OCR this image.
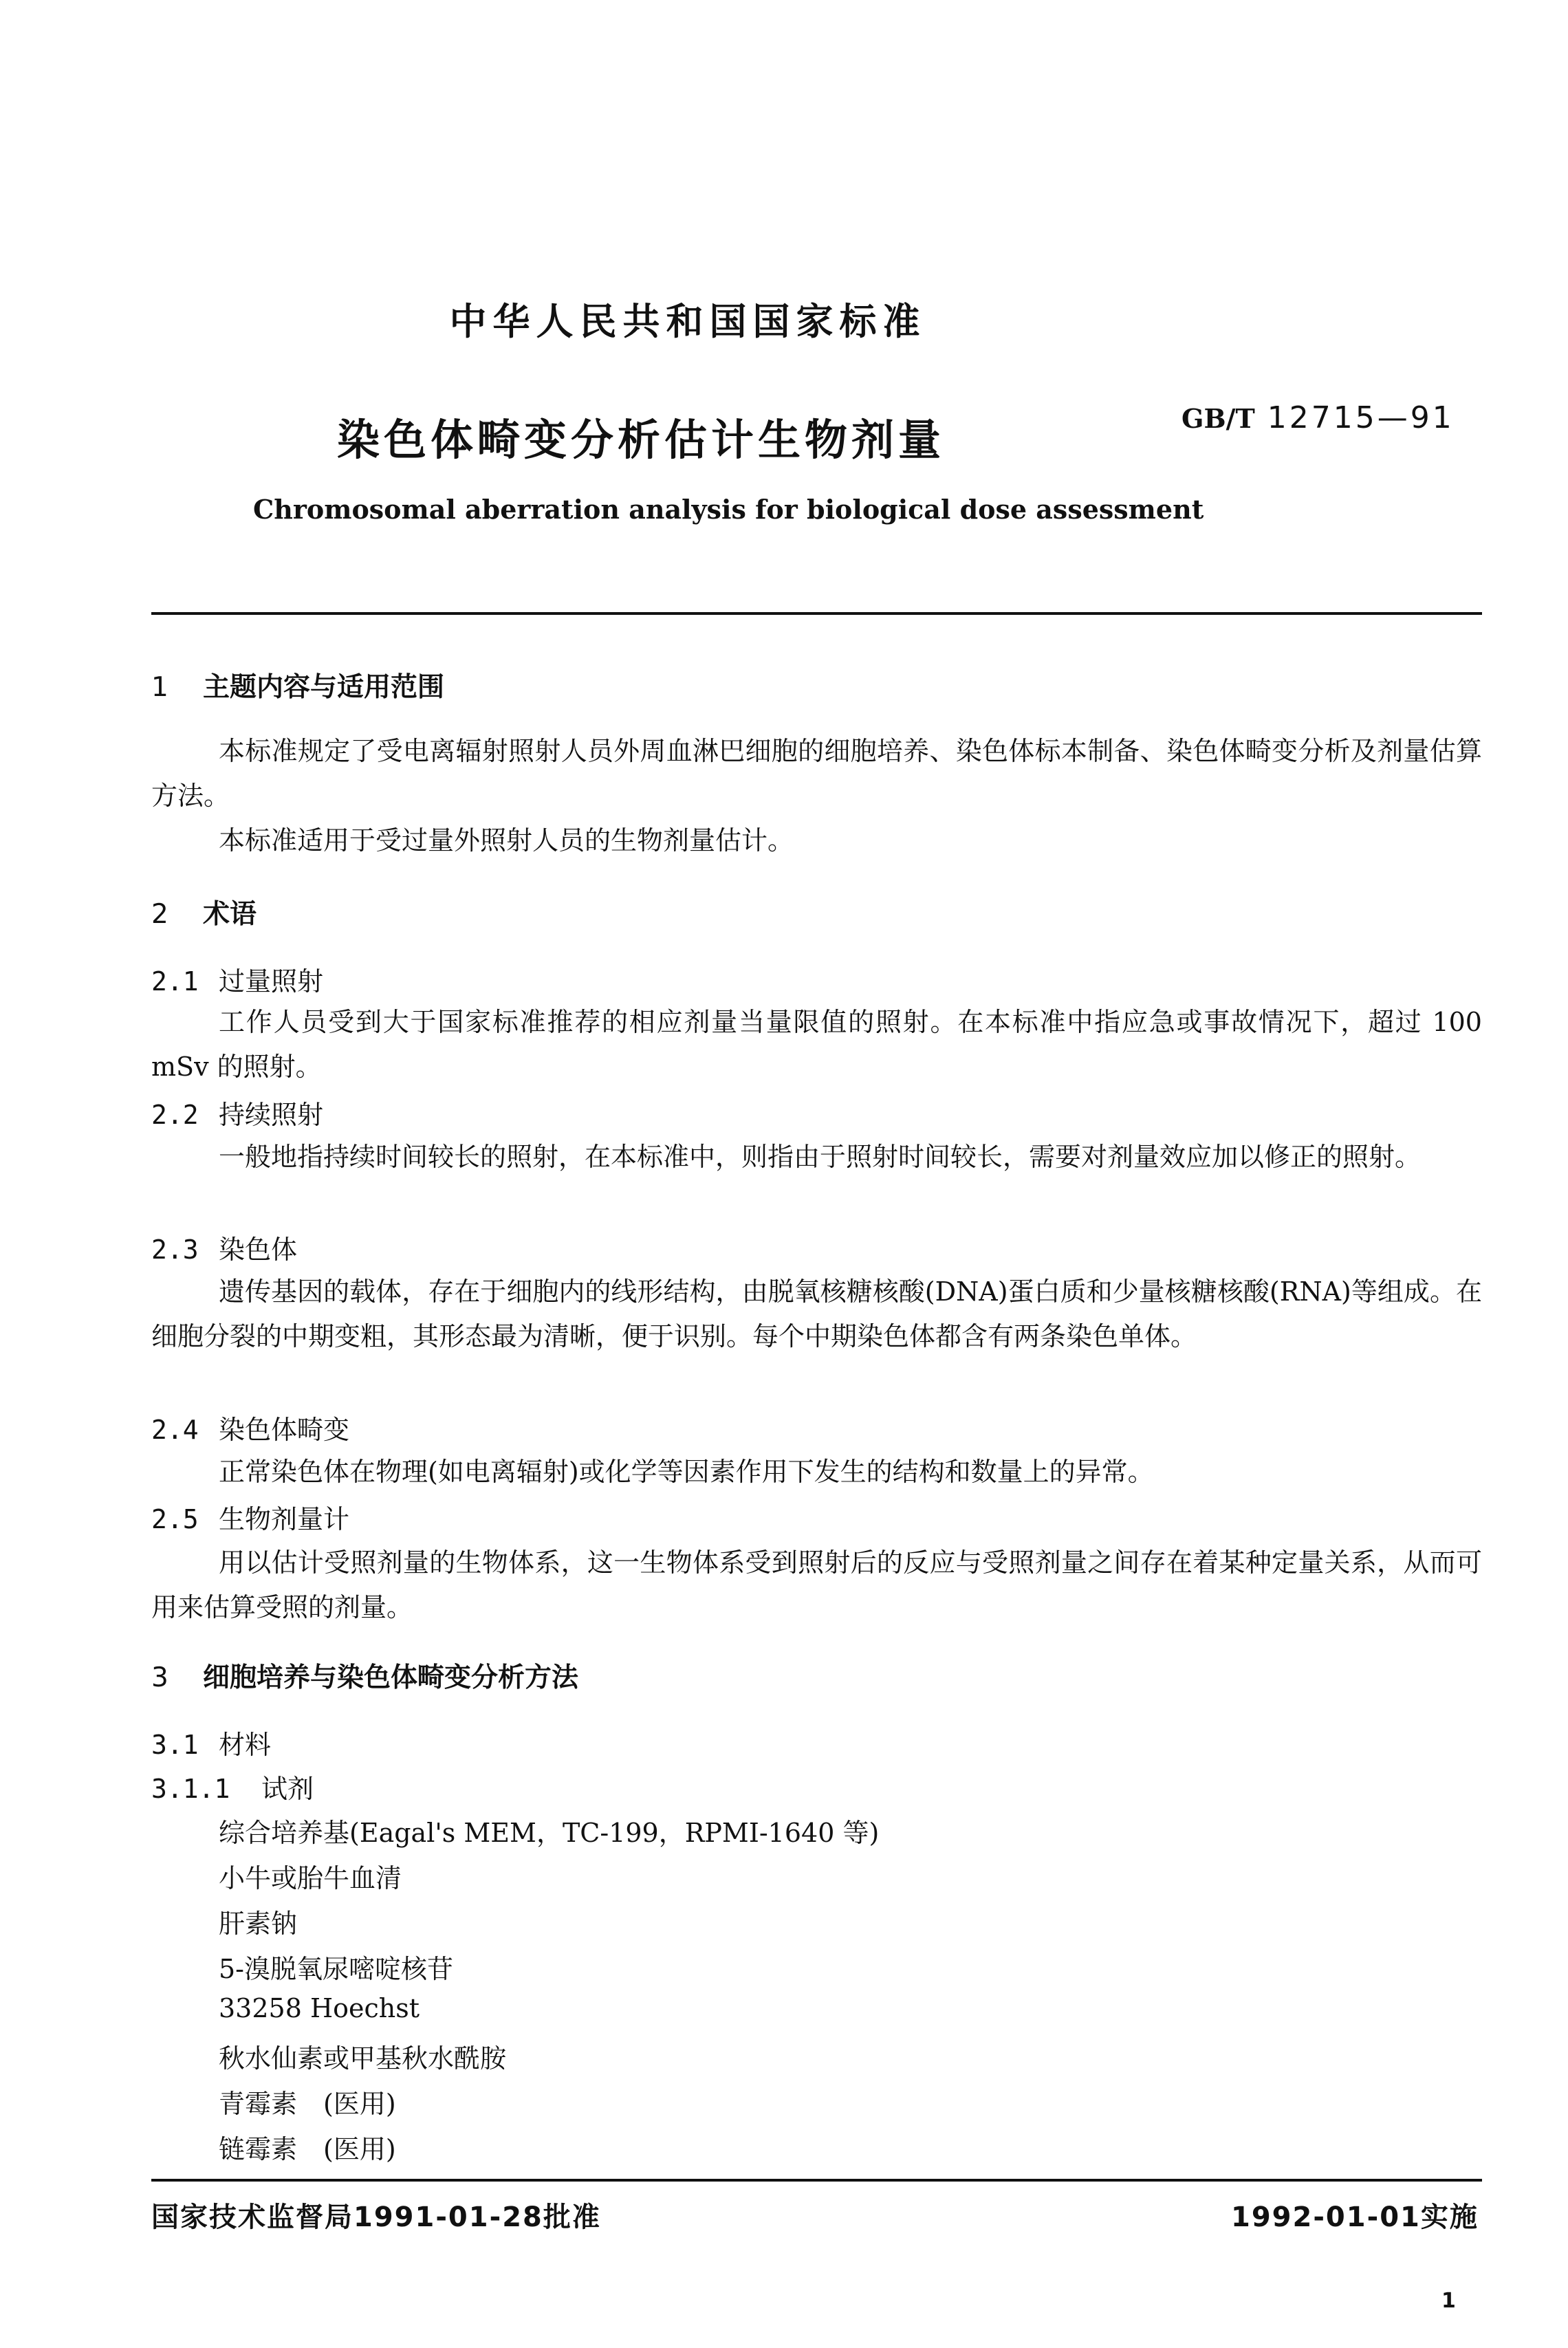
中华人民共和国国家标准
染色体畸变分析估计生物剂量	GB/T 12715—91
Chromosomal aberration analysis for biological dose assessment
1 主题内容与适用范围
本标准规定了受电离辐射照射人员外周血淋巴细胞的细胞培养、染色体标本制备、染色体畸变分析及剂量估算方法。
本标准适用于受过量外照射人员的生物剂量估计。
2 术语
2.1 过量照射
工作人员受到大于国家标准推荐的相应剂量当量限值的照射。在本标准中指应急或事故情况下，超过 100 mSv 的照射。
2.2 持续照射
一般地指持续时间较长的照射，在本标准中，则指由于照射时间较长，需要对剂量效应加以修正的照射。
2.3 染色体
遗传基因的载体，存在于细胞内的线形结构，由脱氧核糖核酸(DNA)蛋白质和少量核糖核酸(RNA)等组成。在细胞分裂的中期变粗，其形态最为清晰，便于识别。每个中期染色体都含有两条染色单体。
2.4 染色体畸变
正常染色体在物理(如电离辐射)或化学等因素作用下发生的结构和数量上的异常。
2.5 生物剂量计
用以估计受照剂量的生物体系，这一生物体系受到照射后的反应与受照剂量之间存在着某种定量关系，从而可用来估算受照的剂量。
3 细胞培养与染色体畸变分析方法
3.1 材料
3.1.1 试剂
综合培养基(Eagal's MEM，TC-199，RPMI-1640 等)
小牛或胎牛血清
肝素钠
5-溴脱氧尿嘧啶核苷
33258 Hoechst
秋水仙素或甲基秋水酰胺
青霉素　(医用)
链霉素　(医用)
国家技术监督局1991-01-28批准	1992-01-01实施
1
